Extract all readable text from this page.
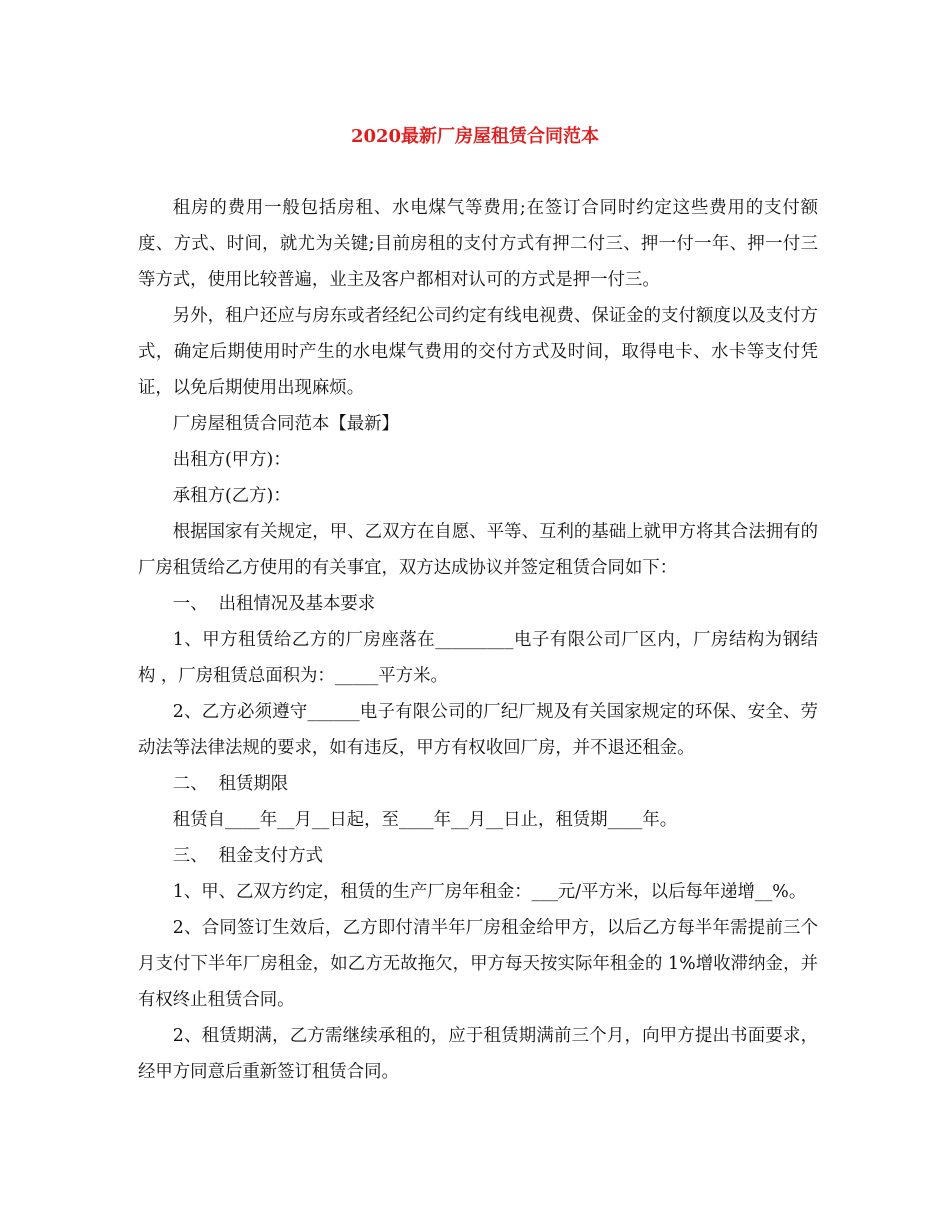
2020最新厂房屋租赁合同范本

租房的费用一般包括房租、水电煤气等费用;在签订合同时约定这些费用的支付额度、方式、时间，就尤为关键;目前房租的支付方式有押二付三、押一付一年、押一付三等方式，使用比较普遍，业主及客户都相对认可的方式是押一付三。

另外，租户还应与房东或者经纪公司约定有线电视费、保证金的支付额度以及支付方式，确定后期使用时产生的水电煤气费用的交付方式及时间，取得电卡、水卡等支付凭证，以免后期使用出现麻烦。

厂房屋租赁合同范本【最新】

出租方(甲方)：

承租方(乙方)：

根据国家有关规定，甲、乙双方在自愿、平等、互利的基础上就甲方将其合法拥有的厂房租赁给乙方使用的有关事宜，双方达成协议并签定租赁合同如下：

一、  出租情况及基本要求

1、甲方租赁给乙方的厂房座落在_________电子有限公司厂区内，厂房结构为钢结构 ，厂房租赁总面积为：_____平方米。

2、乙方必须遵守______电子有限公司的厂纪厂规及有关国家规定的环保、安全、劳动法等法律法规的要求，如有违反，甲方有权收回厂房，并不退还租金。

二、  租赁期限

租赁自____年__月__日起，至____年__月__日止，租赁期____年。

三、  租金支付方式

1、甲、乙双方约定，租赁的生产厂房年租金：___元/平方米，以后每年递增__%。

2、合同签订生效后，乙方即付清半年厂房租金给甲方，以后乙方每半年需提前三个月支付下半年厂房租金，如乙方无故拖欠，甲方每天按实际年租金的 1%增收滞纳金，并有权终止租赁合同。

2、租赁期满，乙方需继续承租的，应于租赁期满前三个月，向甲方提出书面要求，经甲方同意后重新签订租赁合同。
